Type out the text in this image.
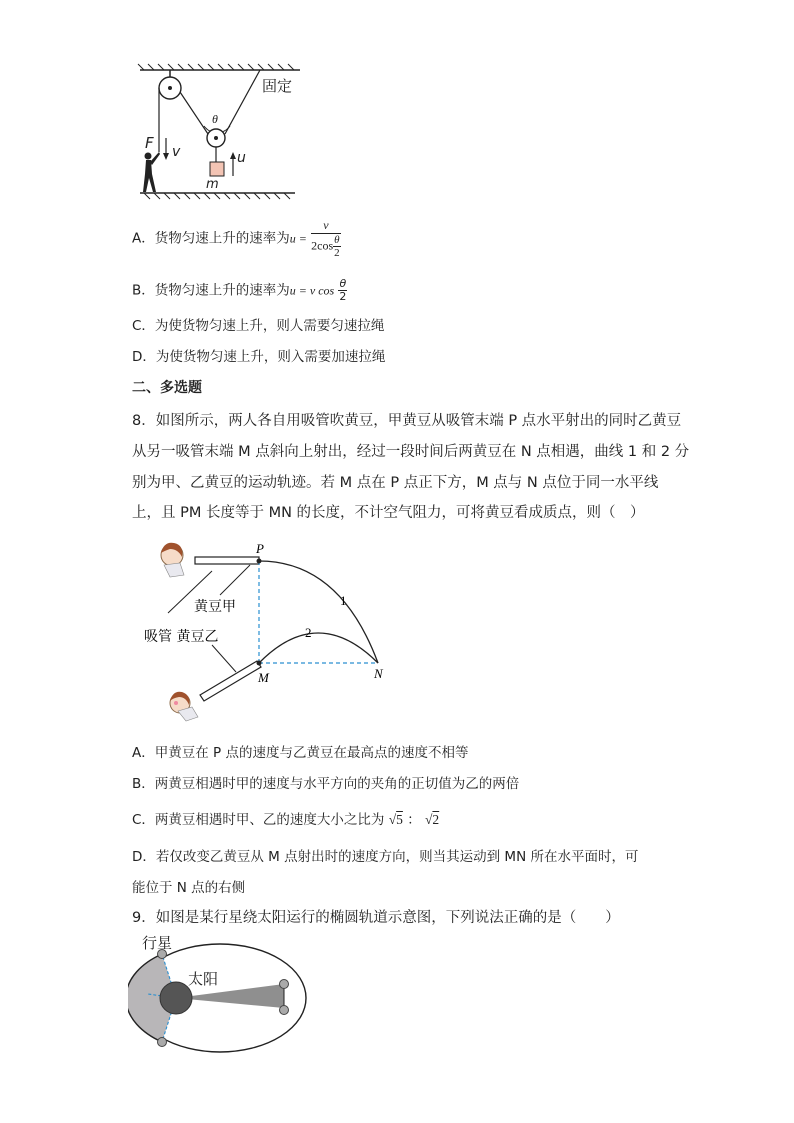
固定
θ
F v	u
m
A．货物匀速上升的速率为$u = \frac{v}{2\cos \frac{\theta}{2}}$
B．货物匀速上升的速率为u = v $\cos \frac{\theta}{2}$
C．为使货物匀速上升，则人需要匀速拉绳
D．为使货物匀速上升，则入需要加速拉绳
二、多选题
8．如图所示，两人各自用吸管吹黄豆，甲黄豆从吸管末端 P 点水平射出的同时乙黄豆
从另一吸管末端 M 点斜向上射出，经过一段时间后两黄豆在 N 点相遇，曲线 1 和 2 分
别为甲、乙黄豆的运动轨迹。若 M 点在 P 点正下方，M 点与 N 点位于同一水平线
上，且 PM 长度等于 MN 的长度，不计空气阻力，可将黄豆看成质点，则（　）
P
M	N
1
2
黄豆甲
吸管 黄豆乙
A．甲黄豆在 P 点的速度与乙黄豆在最高点的速度不相等
B．两黄豆相遇时甲的速度与水平方向的夹角的正切值为乙的两倍
C．两黄豆相遇时甲、乙的速度大小之比为 √5 ： √2
D．若仅改变乙黄豆从 M 点射出时的速度方向，则当其运动到 MN 所在水平面时，可
能位于 N 点的右侧
9．如图是某行星绕太阳运行的椭圆轨道示意图，下列说法正确的是（　　）
行星
太阳
